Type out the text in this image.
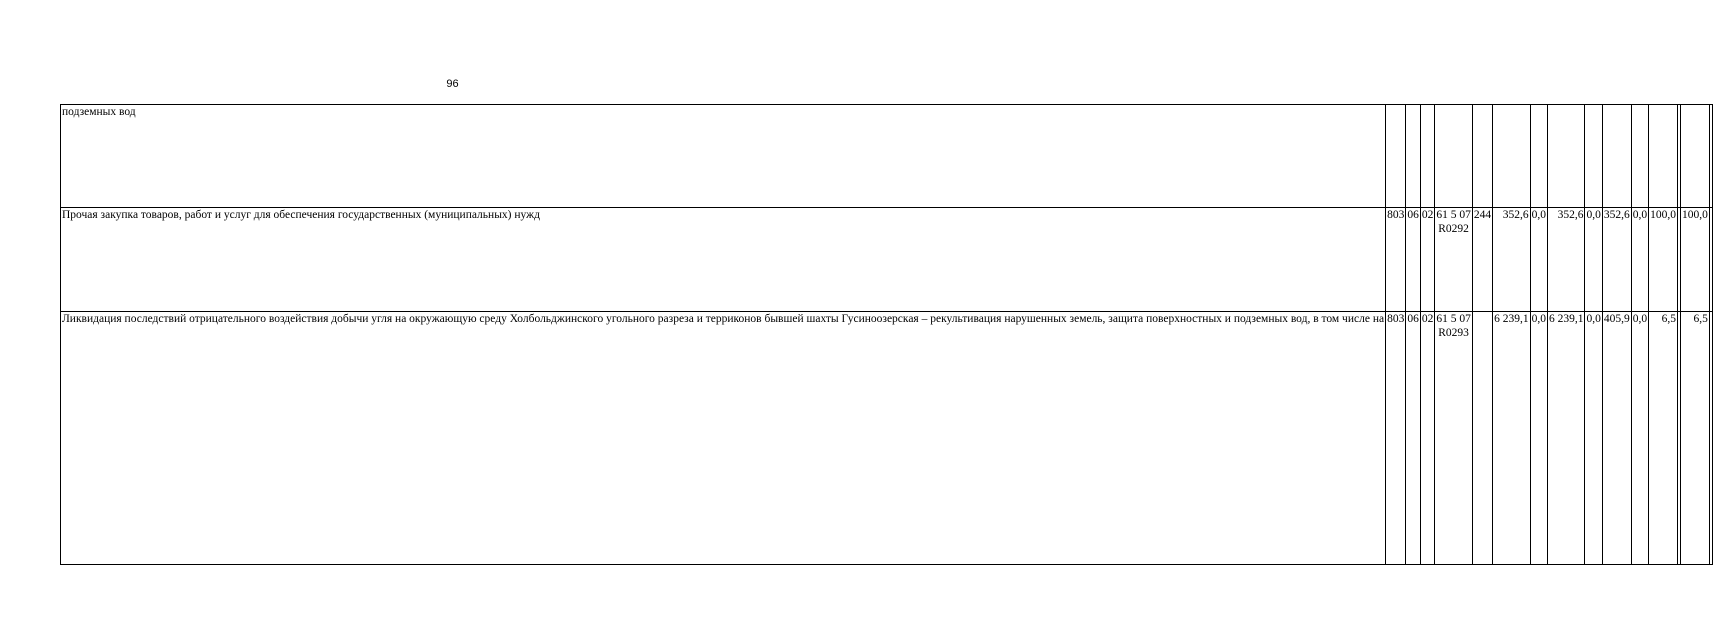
96
подземных вод				

Прочая закупка товаров, работ и услуг для обеспечения государственных (муниципальных) нужд	803	06	02	61 5 07
R0292	244	352,6	0,0	352,6	0,0	352,6	0,0	100,0		100,0	
Ликвидация последствий отрицательного воздействия добычи угля на окружающую среду Холбольджинского угольного разреза и терриконов бывшей шахты Гусиноозерская – рекультивация нарушенных земель, защита поверхностных и подземных вод, в том числе на	803	06	02	61 5 07
R0293		6 239,1	0,0	6 239,1	0,0	405,9	0,0	6,5		6,5	
